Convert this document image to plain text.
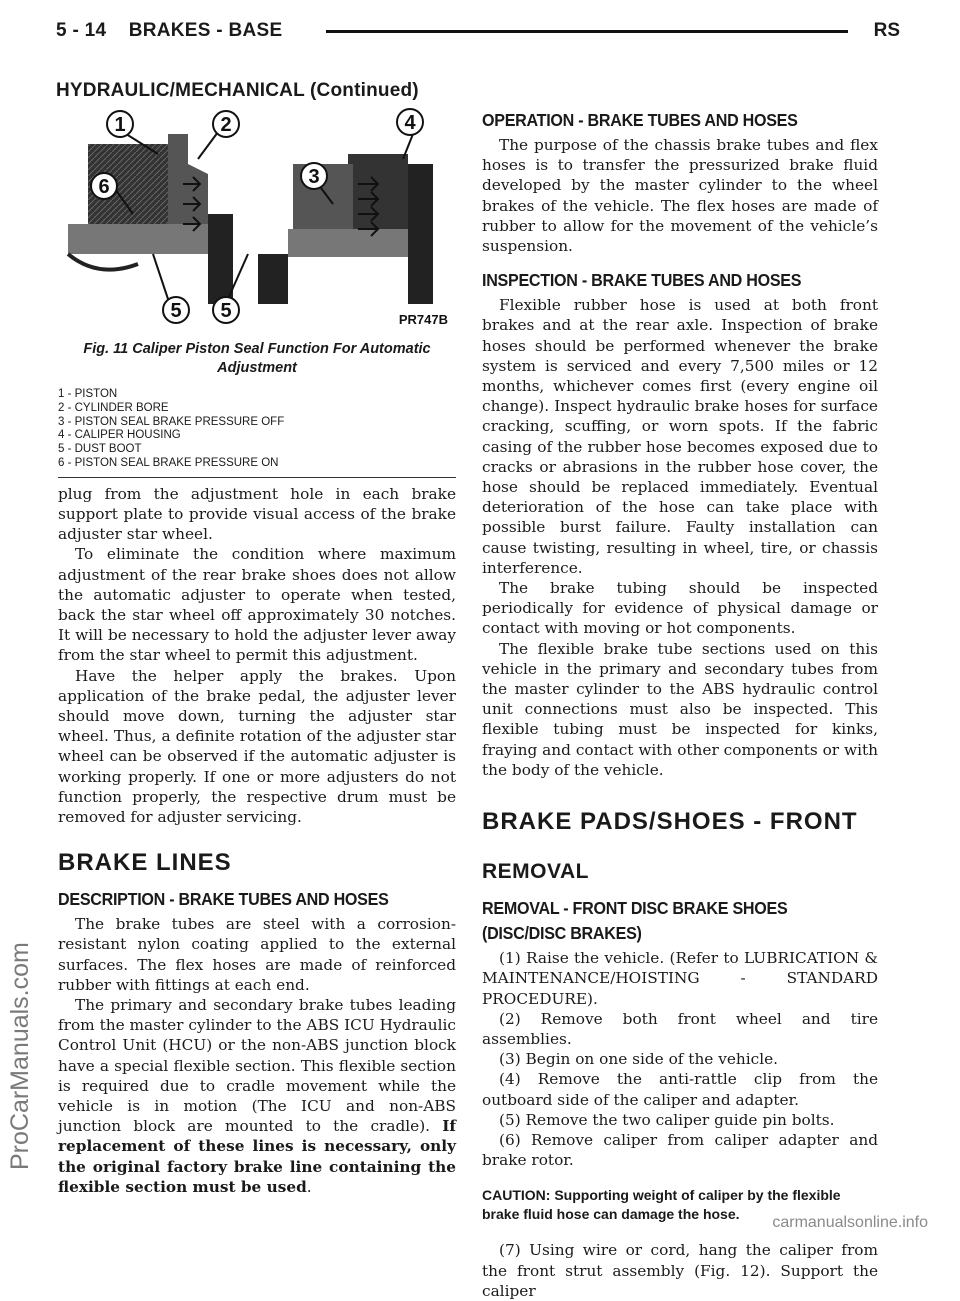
5 - 14    BRAKES - BASE	RS
HYDRAULIC/MECHANICAL (Continued)
1	2
3
4
5 5
6
PR747B

Fig. 11 Caliper Piston Seal Function For Automatic Adjustment

1 - PISTON

2 - CYLINDER BORE

3 - PISTON SEAL BRAKE PRESSURE OFF

4 - CALIPER HOUSING

5 - DUST BOOT

6 - PISTON SEAL BRAKE PRESSURE ON

plug from the adjustment hole in each brake support plate to provide visual access of the brake adjuster star wheel.

To eliminate the condition where maximum adjustment of the rear brake shoes does not allow the automatic adjuster to operate when tested, back the star wheel off approximately 30 notches. It will be necessary to hold the adjuster lever away from the star wheel to permit this adjustment.

Have the helper apply the brakes. Upon application of the brake pedal, the adjuster lever should move down, turning the adjuster star wheel. Thus, a definite rotation of the adjuster star wheel can be observed if the automatic adjuster is working properly. If one or more adjusters do not function properly, the respective drum must be removed for adjuster servicing.

BRAKE LINES
DESCRIPTION - BRAKE TUBES AND HOSES

The brake tubes are steel with a corrosion-resistant nylon coating applied to the external surfaces. The flex hoses are made of reinforced rubber with fittings at each end.

The primary and secondary brake tubes leading from the master cylinder to the ABS ICU Hydraulic Control Unit (HCU) or the non-ABS junction block have a special flexible section. This flexible section is required due to cradle movement while the vehicle is in motion (The ICU and non-ABS junction block are mounted to the cradle). If replacement of these lines is necessary, only the original factory brake line containing the flexible section must be used.

OPERATION - BRAKE TUBES AND HOSES

The purpose of the chassis brake tubes and flex hoses is to transfer the pressurized brake fluid developed by the master cylinder to the wheel brakes of the vehicle. The flex hoses are made of rubber to allow for the movement of the vehicle’s suspension.

INSPECTION - BRAKE TUBES AND HOSES

Flexible rubber hose is used at both front brakes and at the rear axle. Inspection of brake hoses should be performed whenever the brake system is serviced and every 7,500 miles or 12 months, whichever comes first (every engine oil change). Inspect hydraulic brake hoses for surface cracking, scuffing, or worn spots. If the fabric casing of the rubber hose becomes exposed due to cracks or abrasions in the rubber hose cover, the hose should be replaced immediately. Eventual deterioration of the hose can take place with possible burst failure. Faulty installation can cause twisting, resulting in wheel, tire, or chassis interference.

The brake tubing should be inspected periodically for evidence of physical damage or contact with moving or hot components.

The flexible brake tube sections used on this vehicle in the primary and secondary tubes from the master cylinder to the ABS hydraulic control unit connections must also be inspected. This flexible tubing must be inspected for kinks, fraying and contact with other components or with the body of the vehicle.

BRAKE PADS/SHOES - FRONT
REMOVAL
REMOVAL - FRONT DISC BRAKE SHOES
(DISC/DISC BRAKES)

(1) Raise the vehicle. (Refer to LUBRICATION & MAINTENANCE/HOISTING - STANDARD PROCEDURE).

(2) Remove both front wheel and tire assemblies.

(3) Begin on one side of the vehicle.

(4) Remove the anti-rattle clip from the outboard side of the caliper and adapter.

(5) Remove the two caliper guide pin bolts.

(6) Remove caliper from caliper adapter and brake rotor.

CAUTION: Supporting weight of caliper by the flexible brake fluid hose can damage the hose.

(7) Using wire or cord, hang the caliper from the front strut assembly (Fig. 12). Support the caliper

ProCarManuals.com
carmanualsonline.info
